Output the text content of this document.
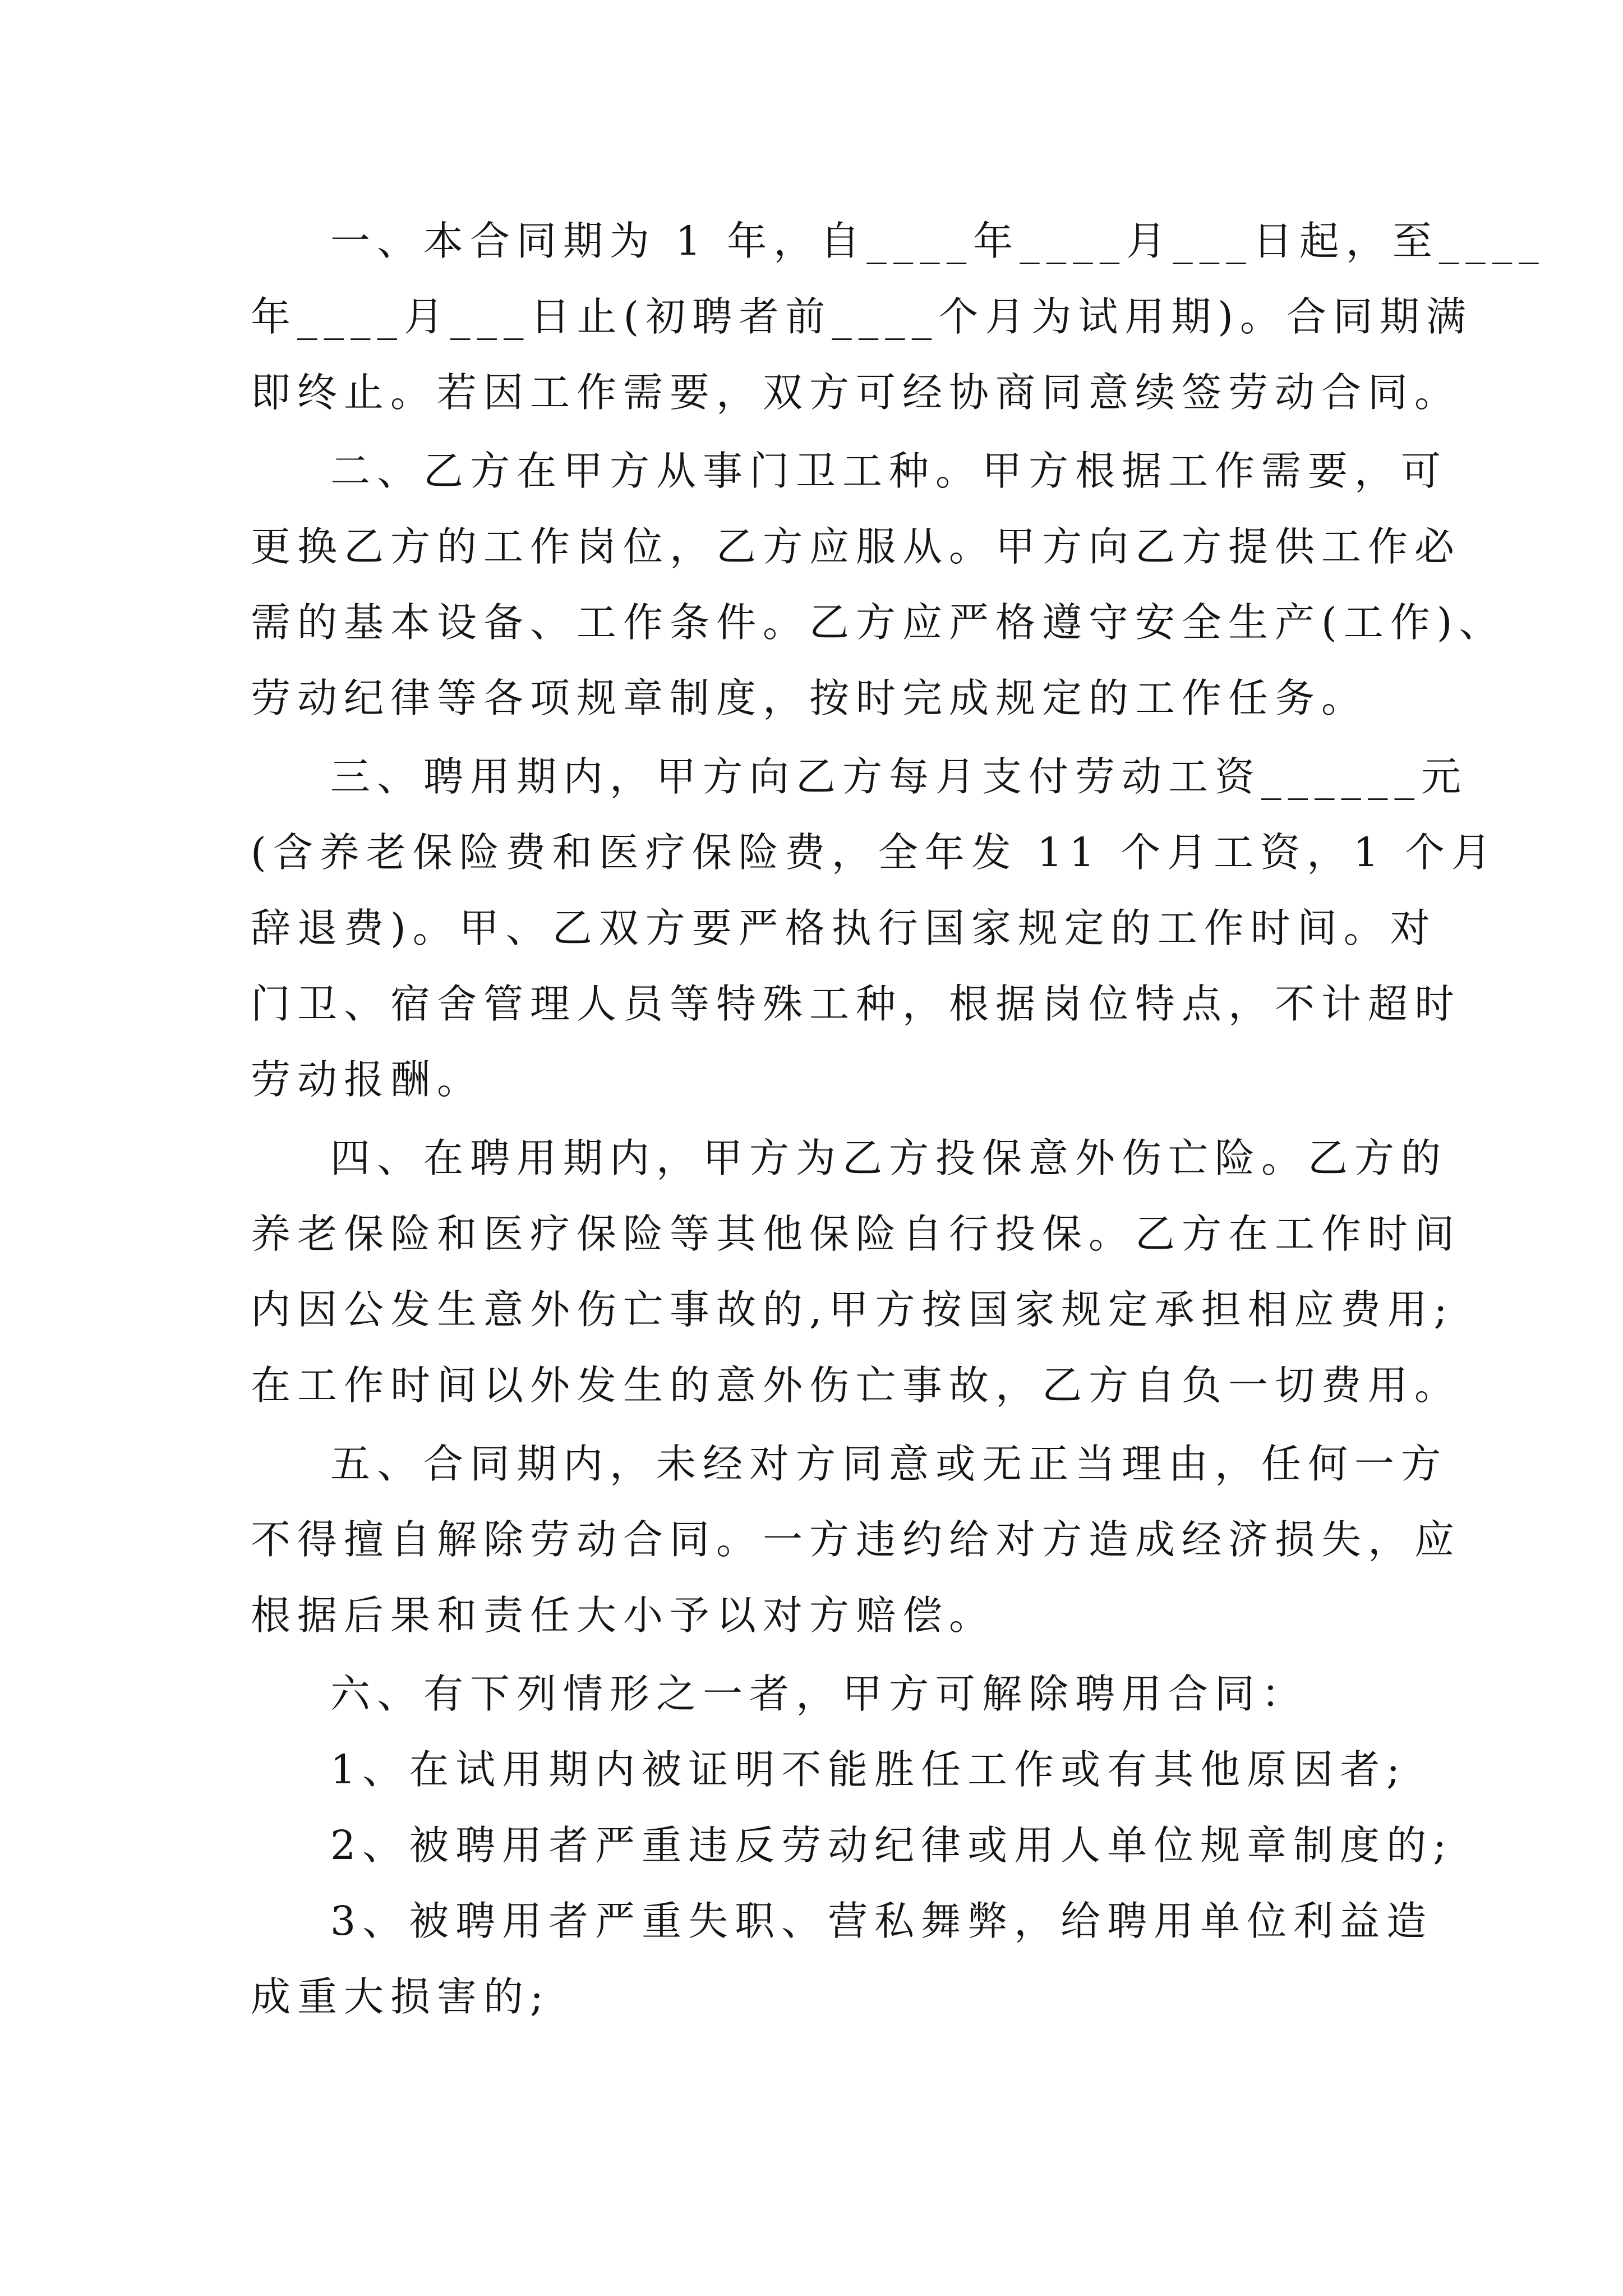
一、本合同期为 1 年，自____年____月___日起，至____
年____月___日止(初聘者前____个月为试用期)。合同期满
即终止。若因工作需要，双方可经协商同意续签劳动合同。
二、乙方在甲方从事门卫工种。甲方根据工作需要，可
更换乙方的工作岗位，乙方应服从。甲方向乙方提供工作必
需的基本设备、工作条件。乙方应严格遵守安全生产(工作)、
劳动纪律等各项规章制度，按时完成规定的工作任务。
三、聘用期内，甲方向乙方每月支付劳动工资______元
(含养老保险费和医疗保险费，全年发 11 个月工资，1 个月
辞退费)。甲、乙双方要严格执行国家规定的工作时间。对
门卫、宿舍管理人员等特殊工种，根据岗位特点，不计超时
劳动报酬。
四、在聘用期内，甲方为乙方投保意外伤亡险。乙方的
养老保险和医疗保险等其他保险自行投保。乙方在工作时间
内因公发生意外伤亡事故的,甲方按国家规定承担相应费用;
在工作时间以外发生的意外伤亡事故，乙方自负一切费用。
五、合同期内，未经对方同意或无正当理由，任何一方
不得擅自解除劳动合同。一方违约给对方造成经济损失，应
根据后果和责任大小予以对方赔偿。
六、有下列情形之一者，甲方可解除聘用合同：
1、在试用期内被证明不能胜任工作或有其他原因者;
2、被聘用者严重违反劳动纪律或用人单位规章制度的;
3、被聘用者严重失职、营私舞弊，给聘用单位利益造
成重大损害的;
